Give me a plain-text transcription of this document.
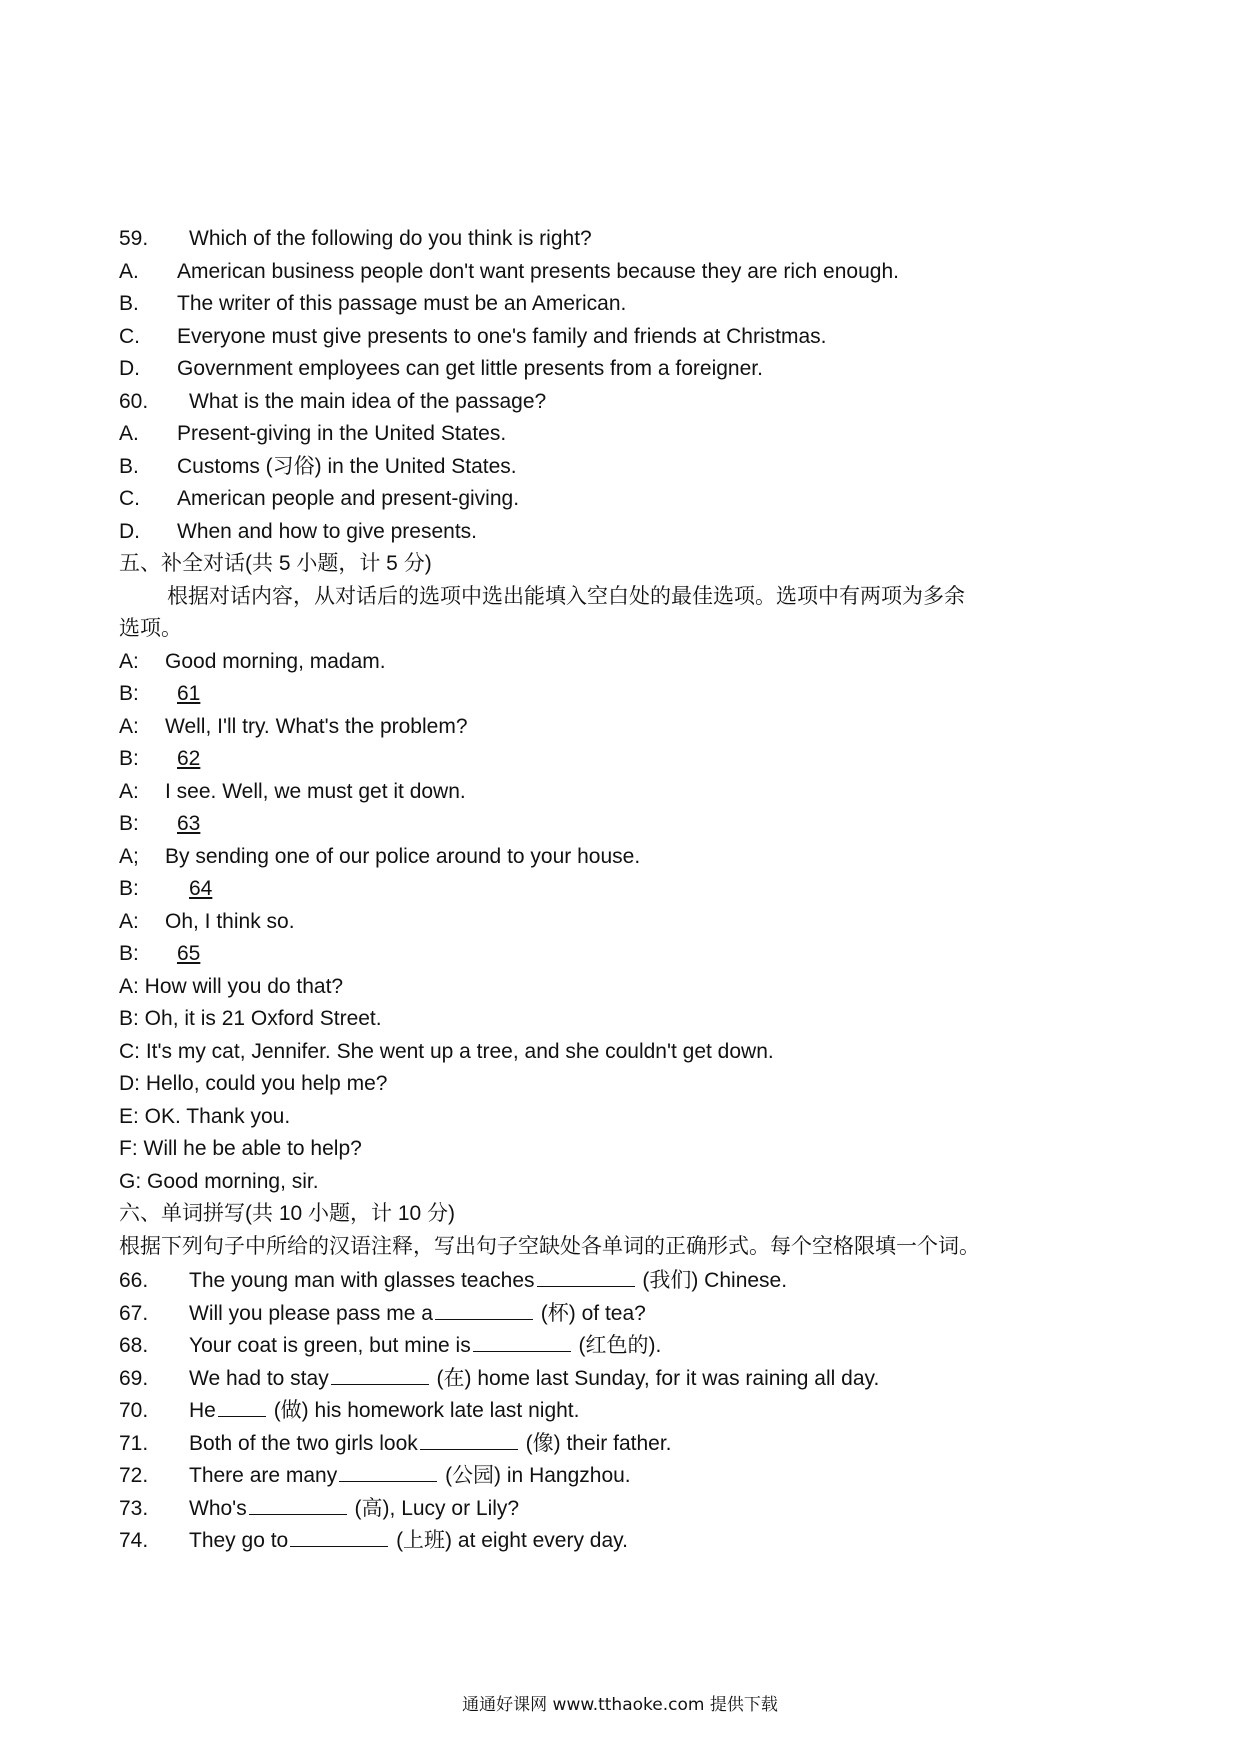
59. Which of the following do you think is right?
A. American business people don't want presents because they are rich enough.
B. The writer of this passage must be an American.
C. Everyone must give presents to one's family and friends at Christmas.
D. Government employees can get little presents from a foreigner.
60. What is the main idea of the passage?
A. Present-giving in the United States.
B. Customs (习俗) in the United States.
C. American people and present-giving.
D. When and how to give presents.
五、补全对话(共 5 小题，计 5 分)
根据对话内容，从对话后的选项中选出能填入空白处的最佳选项。选项中有两项为多余
选项。
A: Good morning, madam.
B: 61
A: Well, I'll try. What's the problem?
B: 62
A: I see. Well, we must get it down.
B: 63
A; By sending one of our police around to your house.
B: 64
A: Oh, I think so.
B: 65
A: How will you do that?
B: Oh, it is 21 Oxford Street.
C: It's my cat, Jennifer. She went up a tree, and she couldn't get down.
D: Hello, could you help me?
E: OK. Thank you.
F: Will he be able to help?
G: Good morning, sir.
六、单词拼写(共 10 小题，计 10 分)
根据下列句子中所给的汉语注释，写出句子空缺处各单词的正确形式。每个空格限填一个词。
66. The young man with glasses teaches	(我们) Chinese.
67. Will you please pass me a	(杯) of tea?
68. Your coat is green, but mine is	(红色的).
69. We had to stay	(在) home last Sunday, for it was raining all day.
70. He (做) his homework late last night.
71. Both of the two girls look	(像) their father.
72. There are many	(公园) in Hangzhou.
73. Who's	(高), Lucy or Lily?
74. They go to	(上班) at eight every day.
通通好课网 www.tthaoke.com 提供下载
